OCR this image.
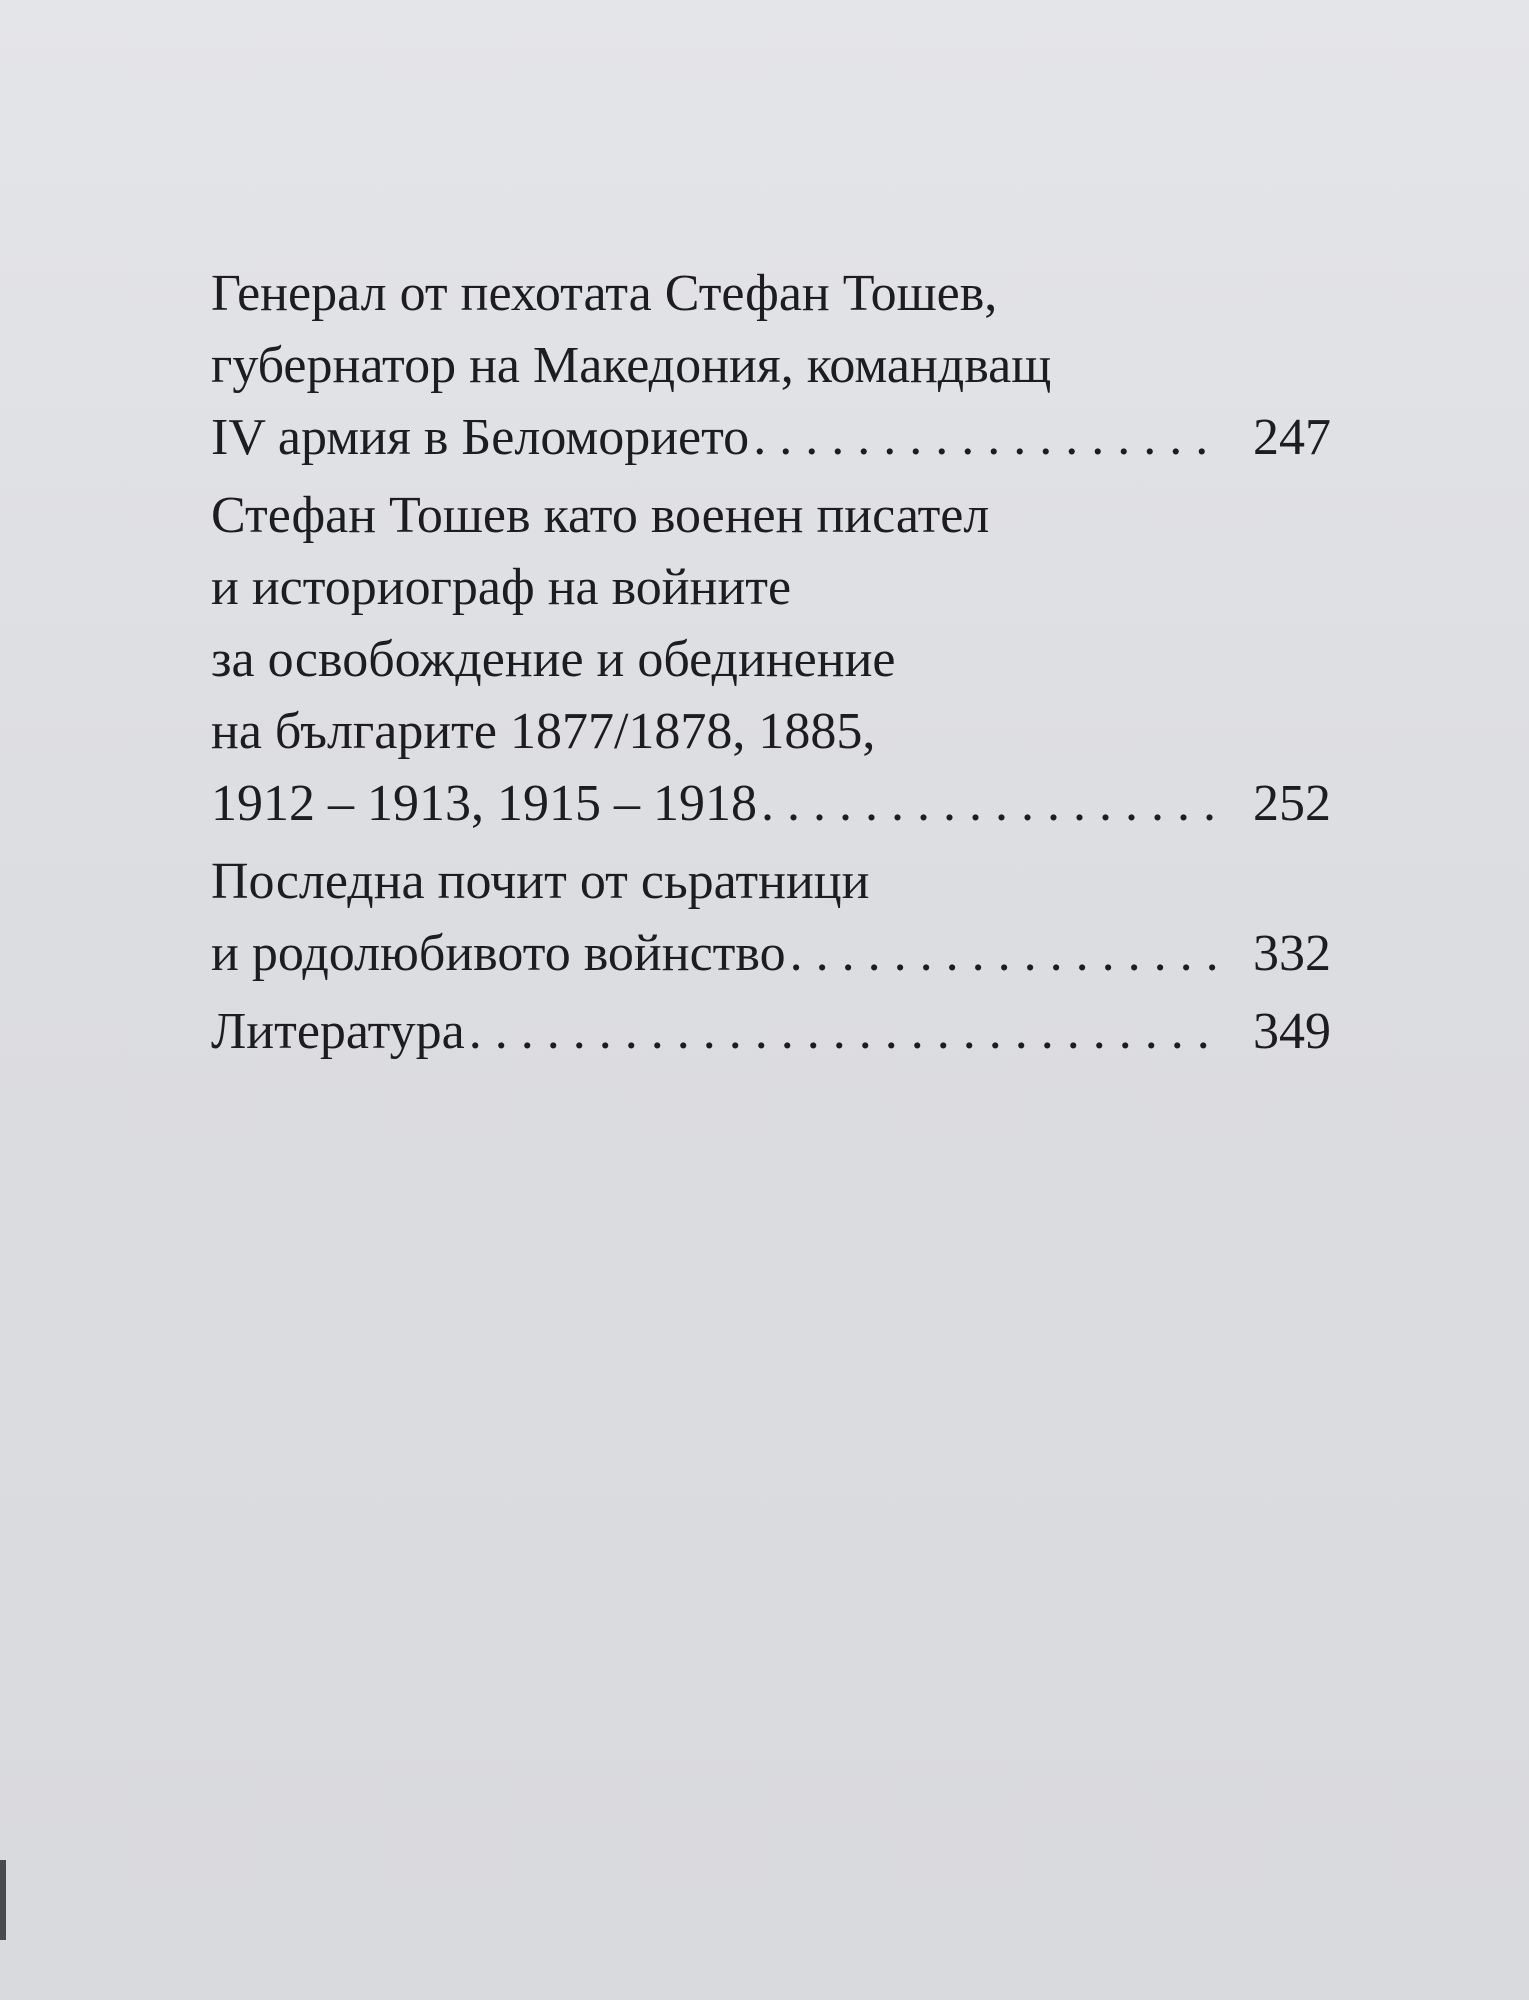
Генерал от пехотата Стефан Тошев,
губернатор на Македония, командващ
IV армия в Беломорието . . .	247
Стефан Тошев като военен писател
и историограф на войните
за освобождение и обединение
на българите 1877/1878, 1885,
1912 – 1913, 1915 – 1918 . . .	252
Последна почит от сьратници
и родолюбивото войнство . . .	332
Литература . . .	349
